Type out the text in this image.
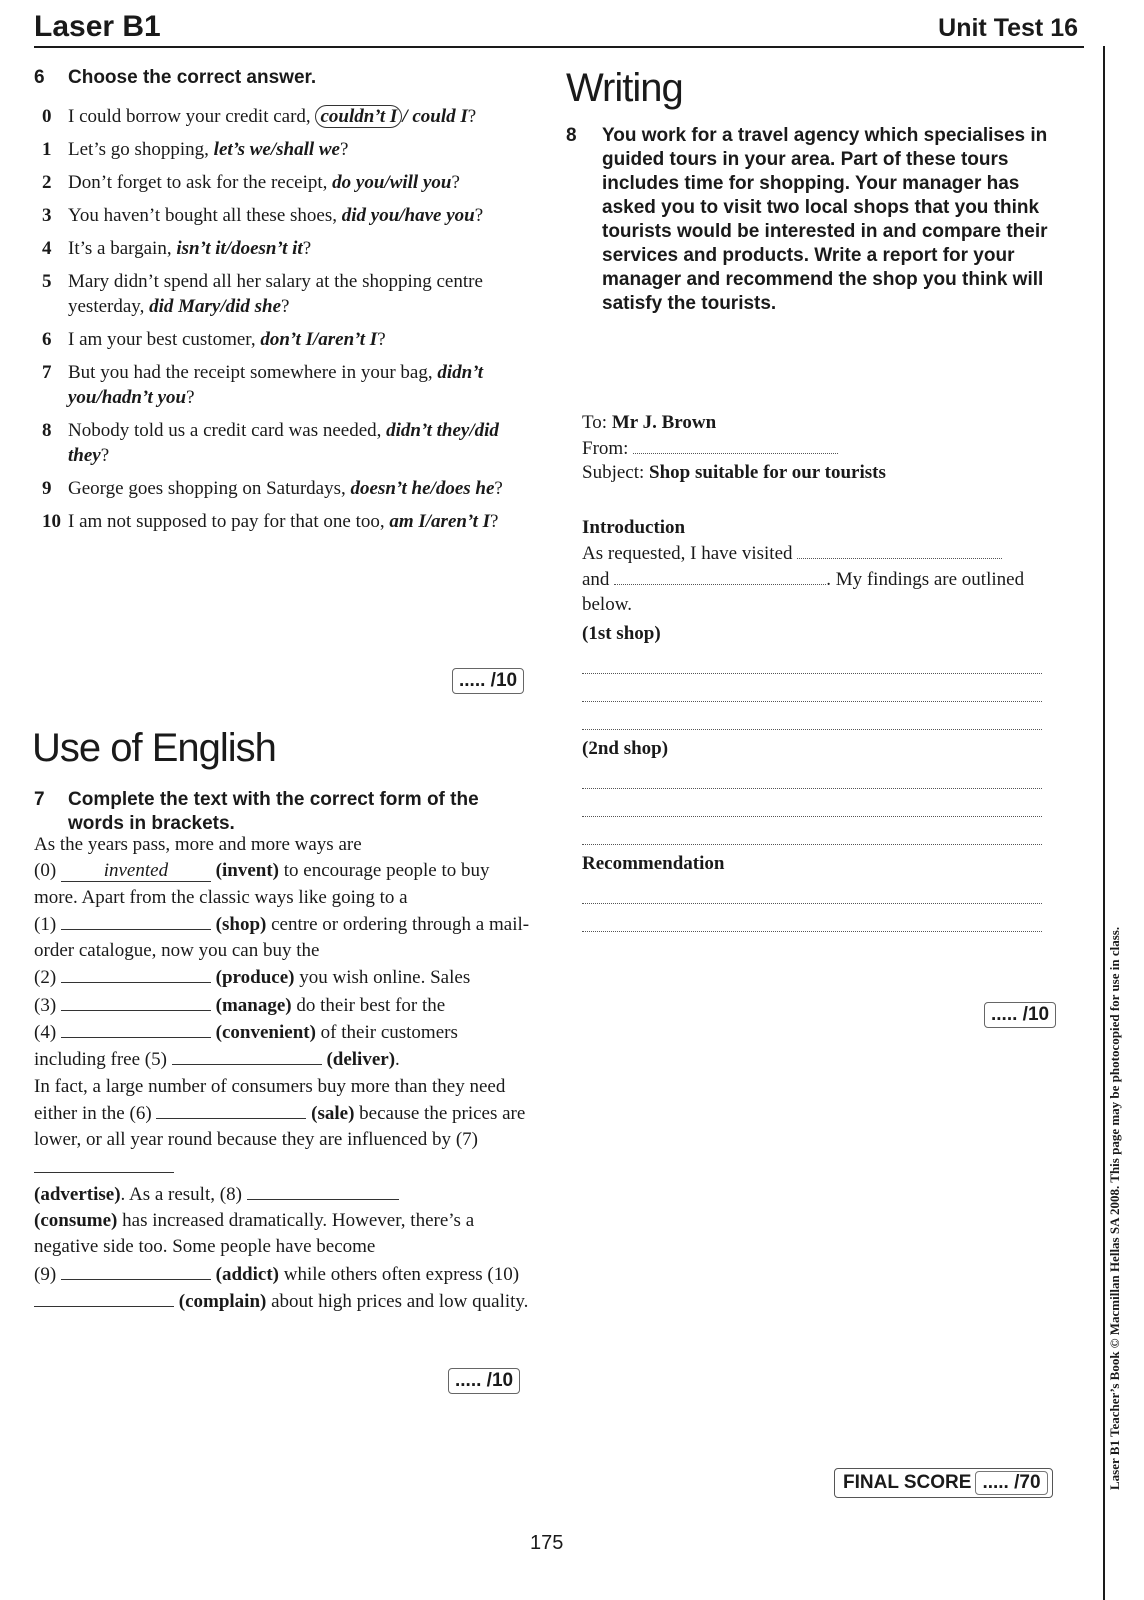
Laser B1	Unit Test 16
Laser B1 Teacher’s Book © Macmillan Hellas SA 2008. This page may be photocopied for use in class.
6 Choose the correct answer.
0 I could borrow your credit card, couldn’t I / could I?
1 Let’s go shopping, let’s we/shall we?
2 Don’t forget to ask for the receipt, do you/will you?
3 You haven’t bought all these shoes, did you/have you?
4 It’s a bargain, isn’t it/doesn’t it?
5 Mary didn’t spend all her salary at the shopping centre yesterday, did Mary/did she?
6 I am your best customer, don’t I/aren’t I?
7 But you had the receipt somewhere in your bag, didn’t you/hadn’t you?
8 Nobody told us a credit card was needed, didn’t they/did they?
9 George goes shopping on Saturdays, doesn’t he/does he?
10 I am not supposed to pay for that one too, am I/aren’t I?
..... /10
Use of English
7 Complete the text with the correct form of the words in brackets.
As the years pass, more and more ways are
(0)	invented	(invent) to encourage people to buy more. Apart from the classic ways like going to a
(1)	(shop) centre or ordering through a mail-order catalogue, now you can buy the
(2)	(produce) you wish online. Sales
(3)	(manage) do their best for the
(4)	(convenient) of their customers including free (5)	(deliver).
In fact, a large number of consumers buy more than they need either in the (6)	(sale) because the prices are lower, or all year round because they are influenced by (7)
(advertise). As a result, (8)
(consume) has increased dramatically. However, there’s a negative side too. Some people have become
(9)	(addict) while others often express (10)  (complain) about high prices and low quality.
..... /10
Writing
8 You work for a travel agency which specialises in guided tours in your area. Part of these tours includes time for shopping. Your manager has asked you to visit two local shops that you think tourists would be interested in and compare their services and products. Write a report for your manager and recommend the shop you think will satisfy the tourists.
To: Mr J. Brown
From:
Subject: Shop suitable for our tourists
Introduction
As requested, I have visited
and	. My findings are outlined below.
(1st shop)
(2nd shop)
Recommendation
..... /10
FINAL SCORE ..... /70
175
